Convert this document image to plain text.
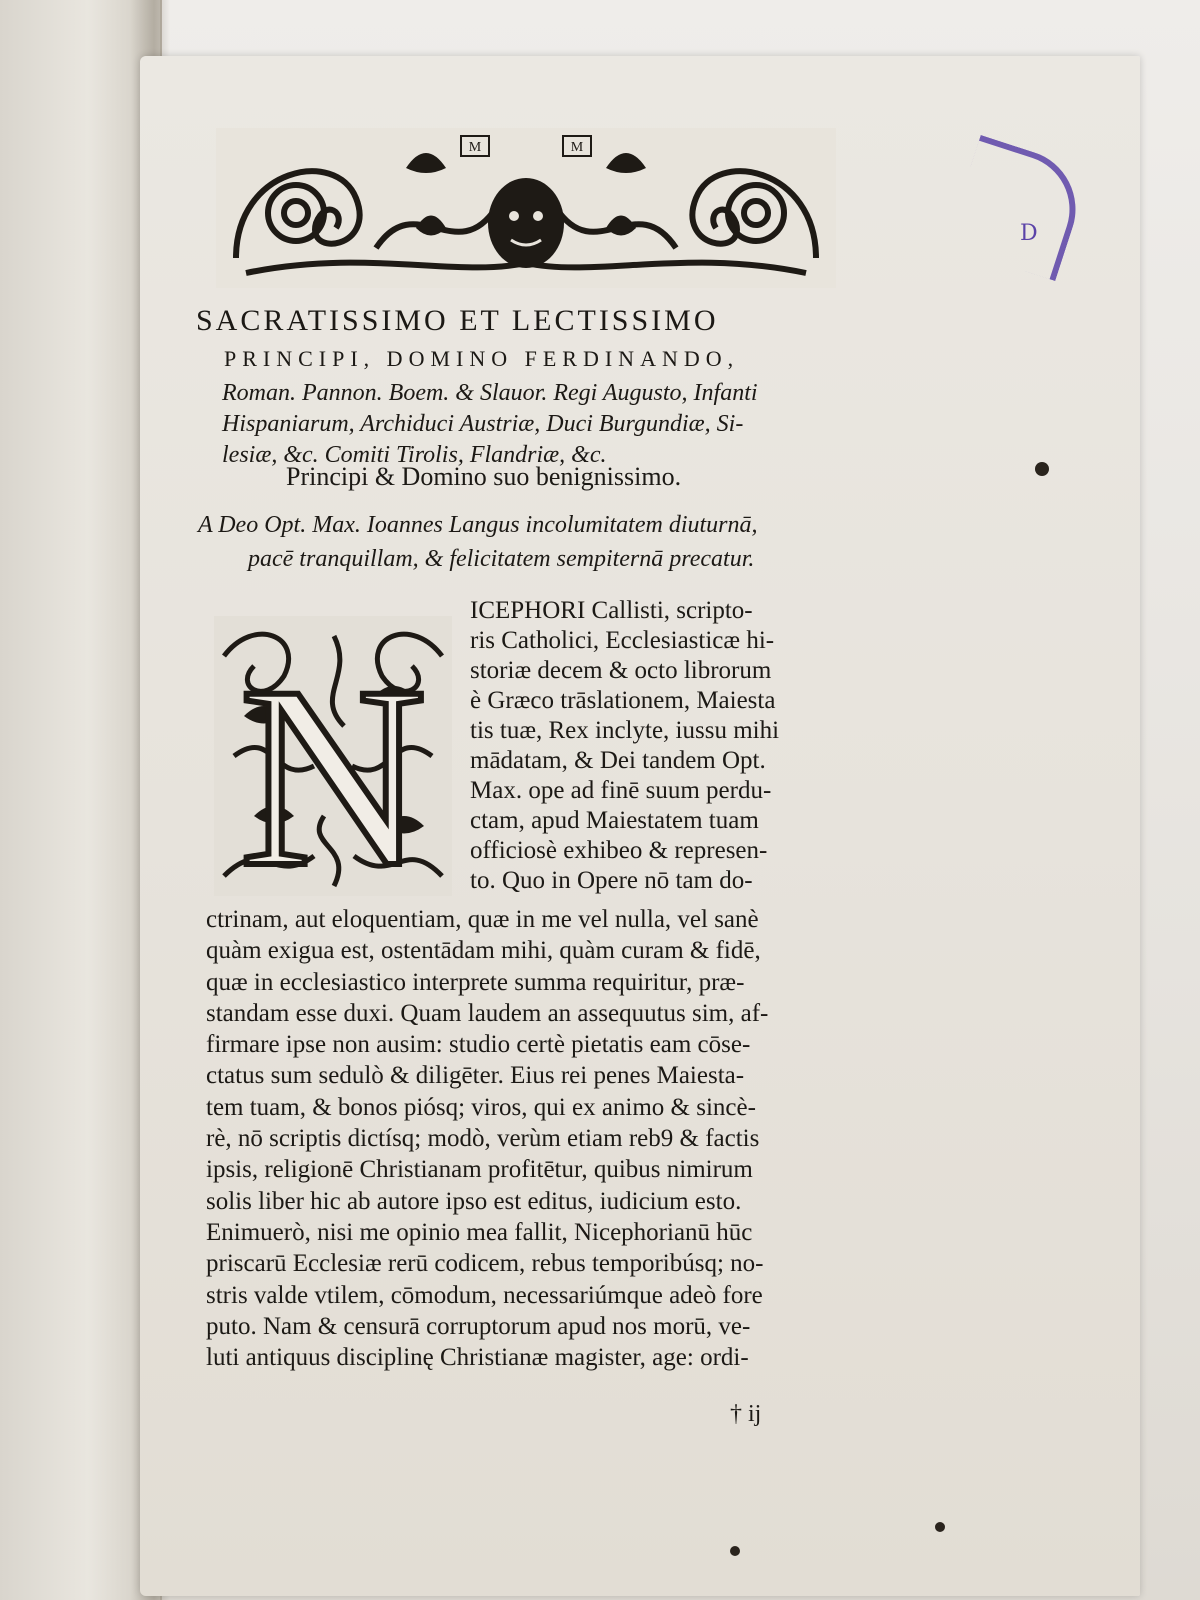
D
M	M
SACRATISSIMO ET LECTISSIMO
PRINCIPI, DOMINO FERDINANDO,
Roman. Pannon. Boem. & Slauor. Regi Augusto, Infanti
Hispaniarum, Archiduci Austriæ, Duci Burgundiæ, Si-
lesiæ, &c. Comiti Tirolis, Flandriæ, &c.
Principi & Domino suo benignissimo.
A Deo Opt. Max. Ioannes Langus incolumitatem diuturnā,
pacē tranquillam, & felicitatem sempiternā precatur.
N
ICEPHORI Callisti, scripto-
ris Catholici, Ecclesiasticæ hi-
storiæ decem & octo librorum
è Græco trāslationem, Maiesta
tis tuæ, Rex inclyte, iussu mihi
mādatam, & Dei tandem Opt.
Max. ope ad finē suum perdu-
ctam, apud Maiestatem tuam
officiosè exhibeo & represen-
to. Quo in Opere nō tam do-
ctrinam, aut eloquentiam, quæ in me vel nulla, vel sanè
quàm exigua est, ostentādam mihi, quàm curam & fidē,
quæ in ecclesiastico interprete summa requiritur, præ-
standam esse duxi. Quam laudem an assequutus sim, af-
firmare ipse non ausim: studio certè pietatis eam cōse-
ctatus sum sedulò & diligēter. Eius rei penes Maiesta-
tem tuam, & bonos piósq; viros, qui ex animo & sincè-
rè, nō scriptis dictísq; modò, verùm etiam reb9 & factis
ipsis, religionē Christianam profitētur, quibus nimirum
solis liber hic ab autore ipso est editus, iudicium esto.
Enimuerò, nisi me opinio mea fallit, Nicephorianū hūc
priscarū Ecclesiæ rerū codicem, rebus temporibúsq; no-
stris valde vtilem, cōmodum, necessariúmque adeò fore
puto. Nam & censurā corruptorum apud nos morū, ve-
luti antiquus disciplinę Christianæ magister, age: ordi-
† ij
